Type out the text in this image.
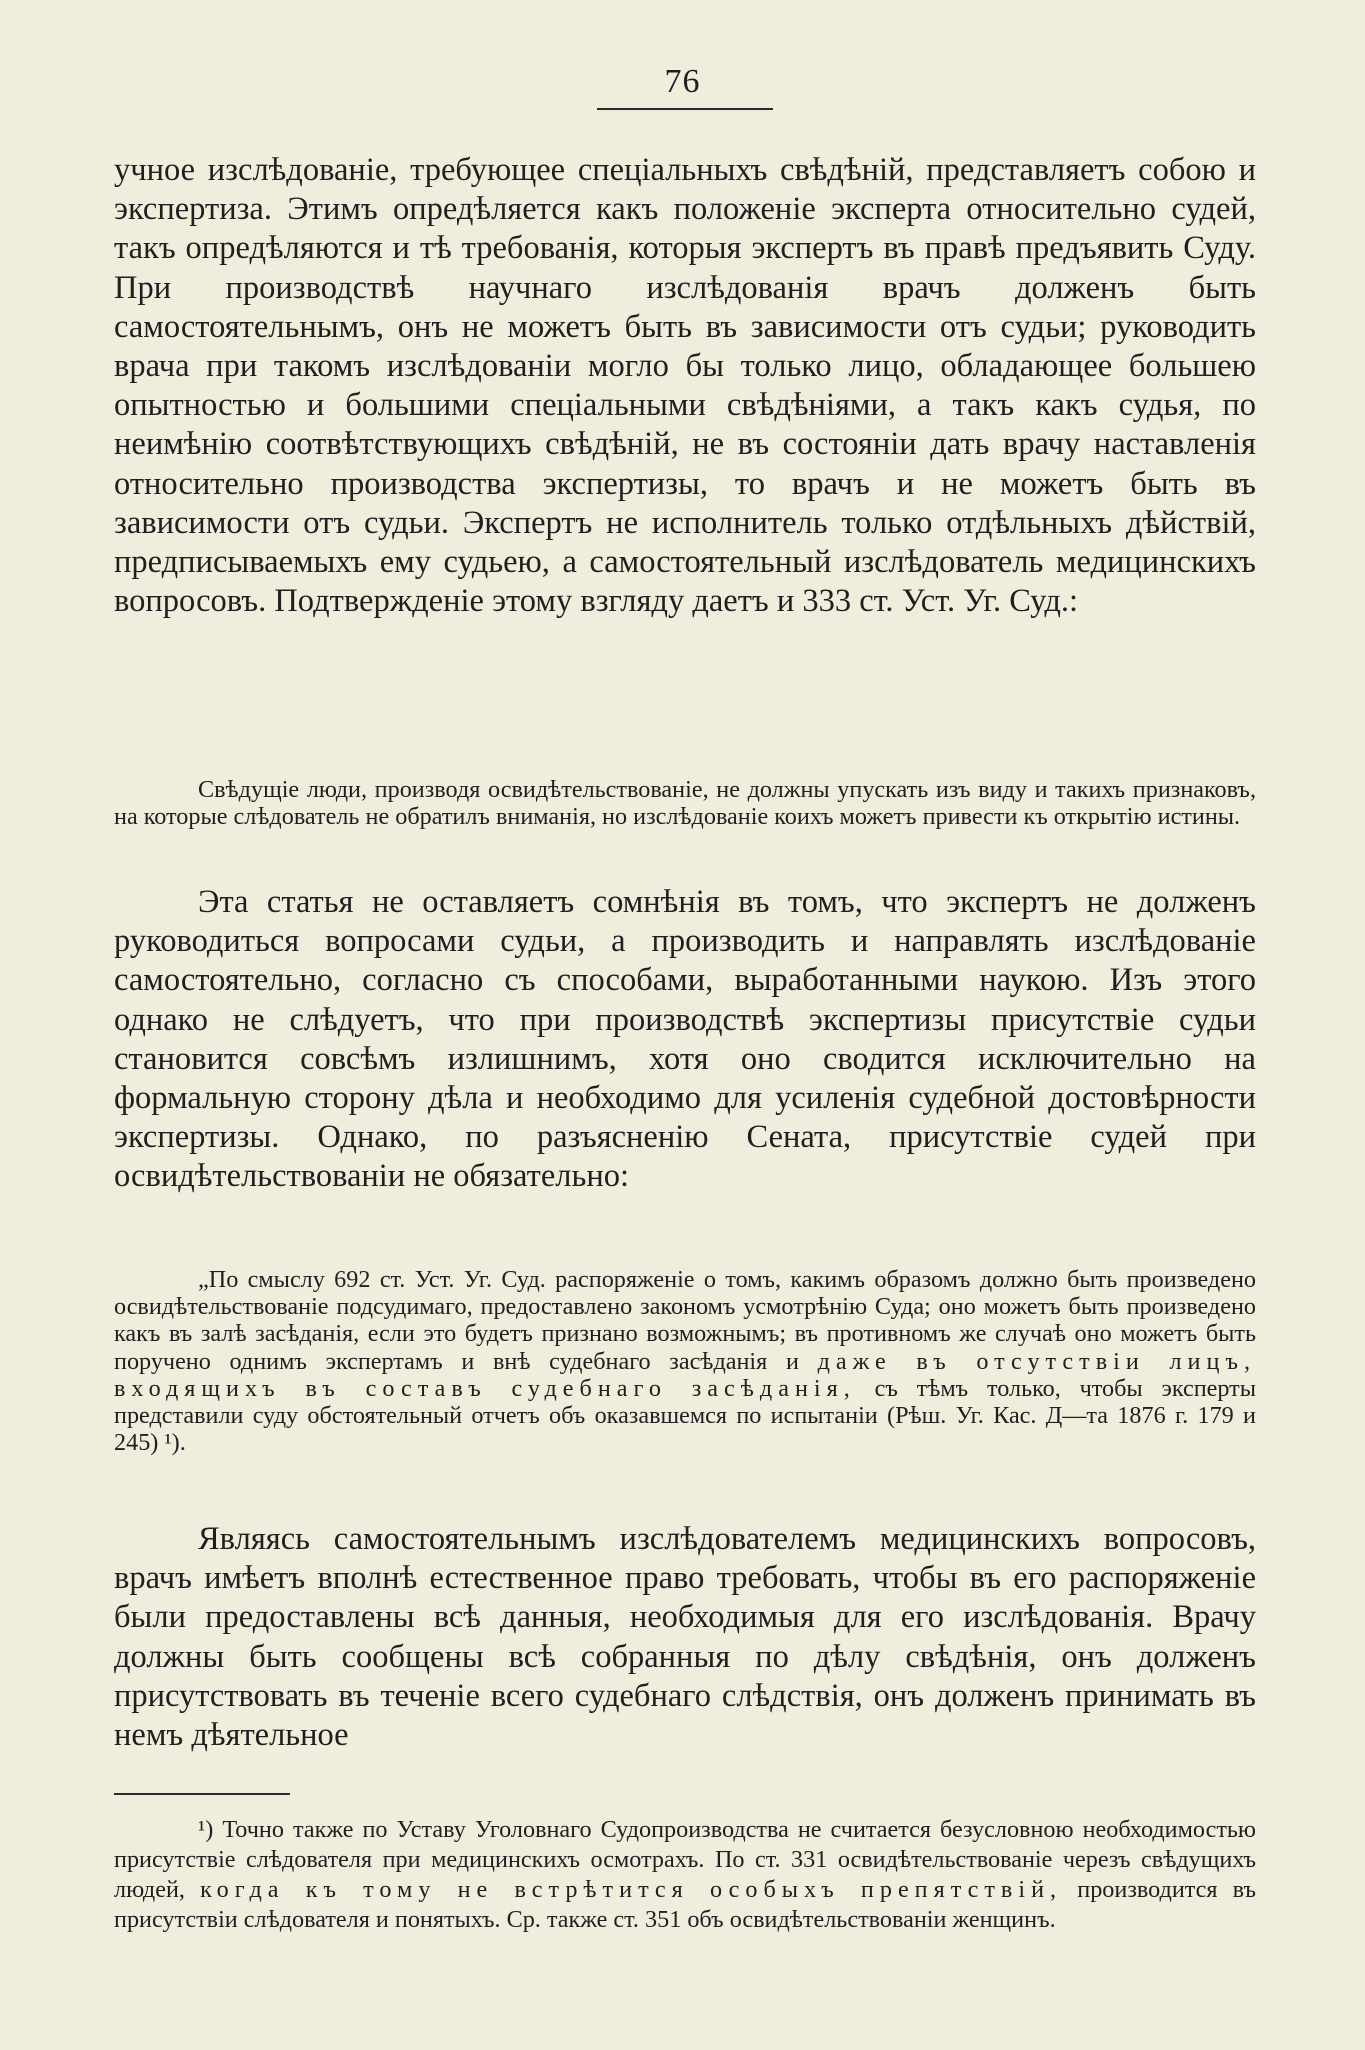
76

учное изслѣдованіе, требующее спеціальныхъ свѣдѣній, представляетъ собою и экспертиза. Этимъ опредѣляется какъ положеніе эксперта относительно судей, такъ опредѣляются и тѣ требованія, которыя экспертъ въ правѣ предъявить Суду. При производствѣ научнаго изслѣдованія врачъ долженъ быть самостоятельнымъ, онъ не можетъ быть въ зависимости отъ судьи; руководить врача при такомъ изслѣдованіи могло бы только лицо, обладающее большею опытностью и большими спеціальными свѣдѣніями, а такъ какъ судья, по неимѣнію соотвѣтствующихъ свѣдѣній, не въ состояніи дать врачу наставленія относительно производства экспертизы, то врачъ и не можетъ быть въ зависимости отъ судьи. Экспертъ не исполнитель только отдѣльныхъ дѣйствій, предписываемыхъ ему судьею, а самостоятельный изслѣдователь медицинскихъ вопросовъ. Подтвержденіе этому взгляду даетъ и 333 ст. Уст. Уг. Суд.:

Свѣдущіе люди, производя освидѣтельствованіе, не должны упускать изъ виду и такихъ признаковъ, на которые слѣдователь не обратилъ вниманія, но изслѣдованіе коихъ можетъ привести къ открытію истины.

Эта статья не оставляетъ сомнѣнія въ томъ, что экспертъ не долженъ руководиться вопросами судьи, а производить и направлять изслѣдованіе самостоятельно, согласно съ способами, выработанными наукою. Изъ этого однако не слѣдуетъ, что при производствѣ экспертизы присутствіе судьи становится совсѣмъ излишнимъ, хотя оно сводится исключительно на формальную сторону дѣла и необходимо для усиленія судебной достовѣрности экспертизы. Однако, по разъясненію Сената, присутствіе судей при освидѣтельствованіи не обязательно:

„По смыслу 692 ст. Уст. Уг. Суд. распоряженіе о томъ, какимъ образомъ должно быть произведено освидѣтельствованіе подсудимаго, предоставлено закономъ усмотрѣнію Суда; оно можетъ быть произведено какъ въ залѣ засѣданія, если это будетъ признано возможнымъ; въ противномъ же случаѣ оно можетъ быть поручено однимъ экспертамъ и внѣ судебнаго засѣданія и даже въ отсутствіи лицъ, входящихъ въ составъ судебнаго засѣданія, съ тѣмъ только, чтобы эксперты представили суду обстоятельный отчетъ объ оказавшемся по испытаніи (Рѣш. Уг. Кас. Д—та 1876 г. 179 и 245) ¹).

Являясь самостоятельнымъ изслѣдователемъ медицинскихъ вопросовъ, врачъ имѣетъ вполнѣ естественное право требовать, чтобы въ его распоряженіе были предоставлены всѣ данныя, необходимыя для его изслѣдованія. Врачу должны быть сообщены всѣ собранныя по дѣлу свѣдѣнія, онъ долженъ присутствовать въ теченіе всего судебнаго слѣдствія, онъ долженъ принимать въ немъ дѣятельное

¹) Точно также по Уставу Уголовнаго Судопроизводства не считается безусловною необходимостью присутствіе слѣдователя при медицинскихъ осмотрахъ. По ст. 331 освидѣтельствованіе черезъ свѣдущихъ людей, когда къ тому не встрѣтится особыхъ препятствій, производится въ присутствіи слѣдователя и понятыхъ. Ср. также ст. 351 объ освидѣтельствованіи женщинъ.
